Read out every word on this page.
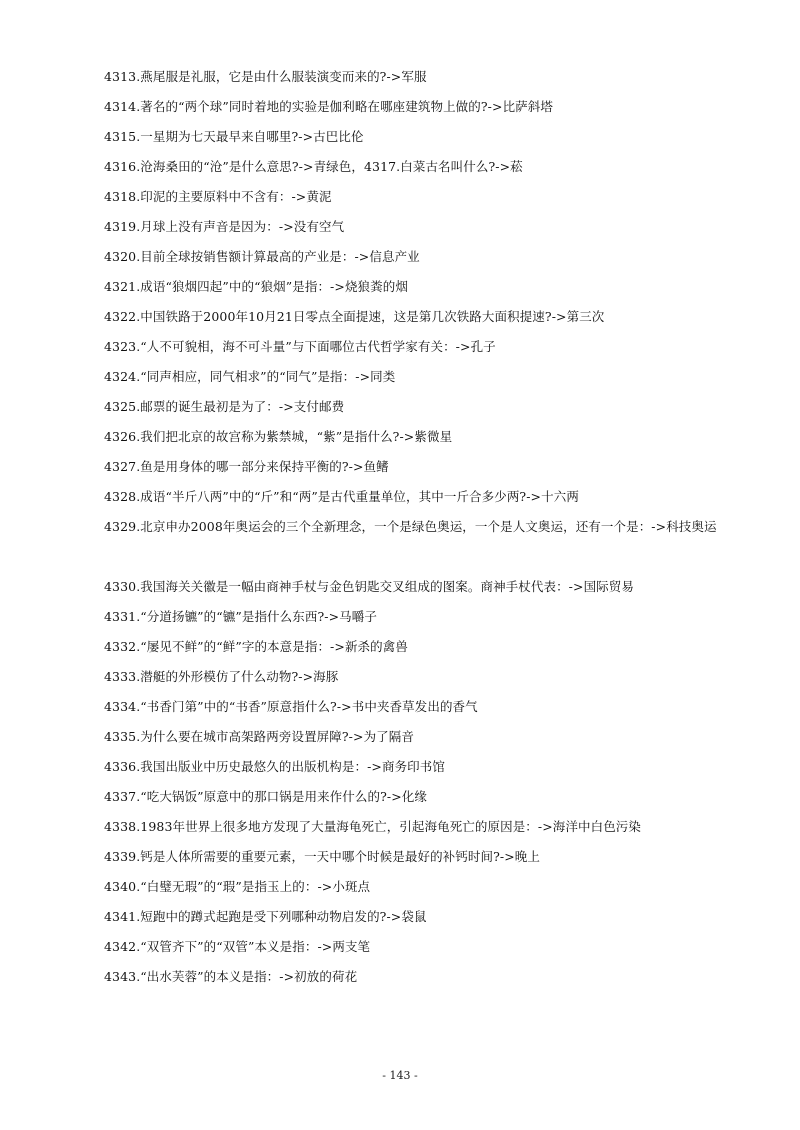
4313.燕尾服是礼服，它是由什么服装演变而来的?->军服
4314.著名的“两个球”同时着地的实验是伽利略在哪座建筑物上做的?->比萨斜塔
4315.一星期为七天最早来自哪里?->古巴比伦
4316.沧海桑田的“沧”是什么意思?->青绿色，4317.白菜古名叫什么?->菘
4318.印泥的主要原料中不含有：->黄泥
4319.月球上没有声音是因为：->没有空气
4320.目前全球按销售额计算最高的产业是：->信息产业
4321.成语“狼烟四起”中的“狼烟”是指：->烧狼粪的烟
4322.中国铁路于2000年10月21日零点全面提速，这是第几次铁路大面积提速?->第三次
4323.“人不可貌相，海不可斗量”与下面哪位古代哲学家有关：->孔子
4324.“同声相应，同气相求”的“同气”是指：->同类
4325.邮票的诞生最初是为了：->支付邮费
4326.我们把北京的故宫称为紫禁城，“紫”是指什么?->紫微星
4327.鱼是用身体的哪一部分来保持平衡的?->鱼鳍
4328.成语“半斤八两”中的“斤”和“两”是古代重量单位，其中一斤合多少两?->十六两
4329.北京申办2008年奥运会的三个全新理念，一个是绿色奥运，一个是人文奥运，还有一个是：->科技奥运
4330.我国海关关徽是一幅由商神手杖与金色钥匙交叉组成的图案。商神手杖代表：->国际贸易
4331.“分道扬镳”的“镳”是指什么东西?->马嚼子
4332.“屡见不鲜”的“鲜”字的本意是指：->新杀的禽兽
4333.潜艇的外形模仿了什么动物?->海豚
4334.“书香门第”中的“书香”原意指什么?->书中夹香草发出的香气
4335.为什么要在城市高架路两旁设置屏障?->为了隔音
4336.我国出版业中历史最悠久的出版机构是：->商务印书馆
4337.“吃大锅饭”原意中的那口锅是用来作什么的?->化缘
4338.1983年世界上很多地方发现了大量海龟死亡，引起海龟死亡的原因是：->海洋中白色污染
4339.钙是人体所需要的重要元素，一天中哪个时候是最好的补钙时间?->晚上
4340.“白璧无瑕”的“瑕”是指玉上的：->小斑点
4341.短跑中的蹲式起跑是受下列哪种动物启发的?->袋鼠
4342.“双管齐下”的“双管”本义是指：->两支笔
4343.“出水芙蓉”的本义是指：->初放的荷花
- 143 -
